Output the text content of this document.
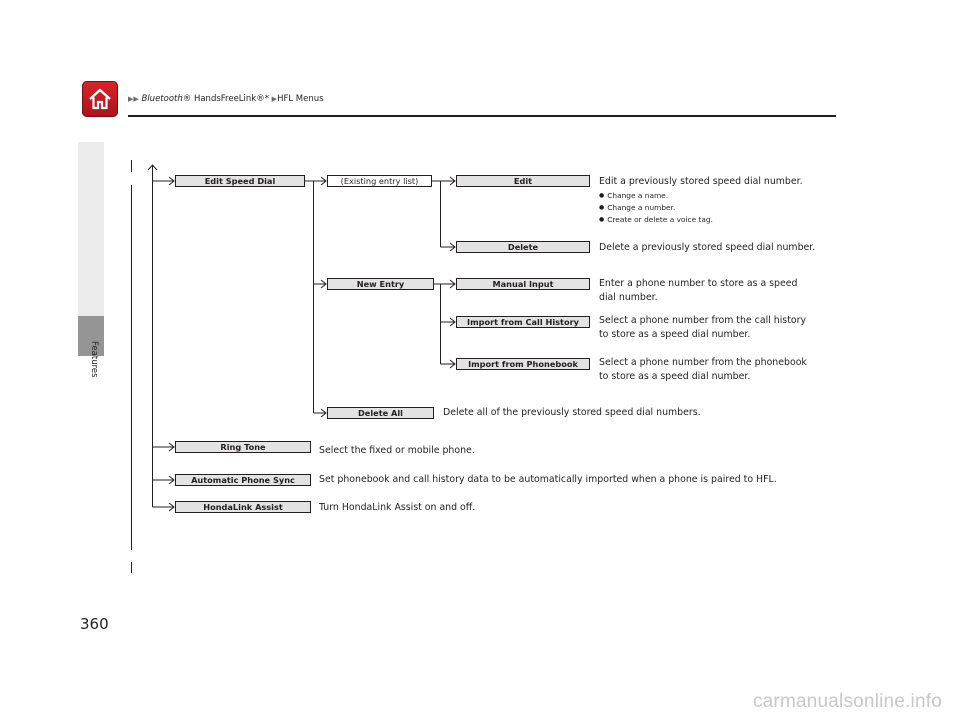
▶▶ Bluetooth® HandsFreeLink®* ▶HFL Menus
Features
Edit Speed Dial
Ring Tone
Automatic Phone Sync
HondaLink Assist
(Existing entry list)
New Entry
Delete All
Edit
Delete
Manual Input
Import from Call History
Import from Phonebook
Edit a previously stored speed dial number.
● Change a name.
● Change a number.
● Create or delete a voice tag.
Delete a previously stored speed dial number.
Enter a phone number to store as a speed
dial number.
Select a phone number from the call history
to store as a speed dial number.
Select a phone number from the phonebook
to store as a speed dial number.
Delete all of the previously stored speed dial numbers.
Select the fixed or mobile phone.
Set phonebook and call history data to be automatically imported when a phone is paired to HFL.
Turn HondaLink Assist on and off.
360
carmanualsonline.info
